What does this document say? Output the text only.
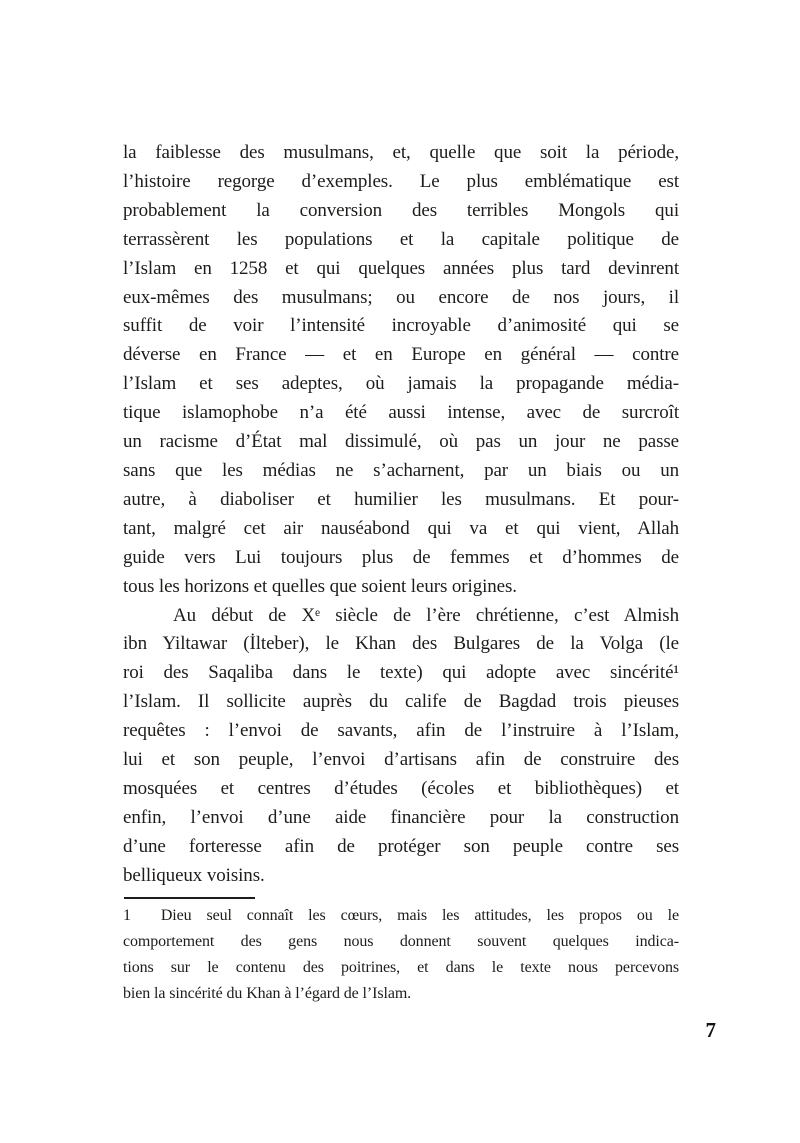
la faiblesse des musulmans, et, quelle que soit la période,
l’histoire regorge d’exemples. Le plus emblématique est
probablement la conversion des terribles Mongols qui
terrassèrent les populations et la capitale politique de
l’Islam en 1258 et qui quelques années plus tard devinrent
eux-mêmes des musulmans; ou encore de nos jours, il
suffit de voir l’intensité incroyable d’animosité qui se
déverse en France — et en Europe en général — contre
l’Islam et ses adeptes, où jamais la propagande média-
tique islamophobe n’a été aussi intense, avec de surcroît
un racisme d’État mal dissimulé, où pas un jour ne passe
sans que les médias ne s’acharnent, par un biais ou un
autre, à diaboliser et humilier les musulmans. Et pour-
tant, malgré cet air nauséabond qui va et qui vient, Allah
guide vers Lui toujours plus de femmes et d’hommes de
tous les horizons et quelles que soient leurs origines.
Au début de Xᵉ siècle de l’ère chrétienne, c’est Almish
ibn Yiltawar (İlteber), le Khan des Bulgares de la Volga (le
roi des Saqaliba dans le texte) qui adopte avec sincérité¹
l’Islam. Il sollicite auprès du calife de Bagdad trois pieuses
requêtes : l’envoi de savants, afin de l’instruire à l’Islam,
lui et son peuple, l’envoi d’artisans afin de construire des
mosquées et centres d’études (écoles et bibliothèques) et
enfin, l’envoi d’une aide financière pour la construction
d’une forteresse afin de protéger son peuple contre ses
belliqueux voisins.
1  Dieu seul connaît les cœurs, mais les attitudes, les propos ou le
comportement des gens nous donnent souvent quelques indica-
tions sur le contenu des poitrines, et dans le texte nous percevons
bien la sincérité du Khan à l’égard de l’Islam.
7
